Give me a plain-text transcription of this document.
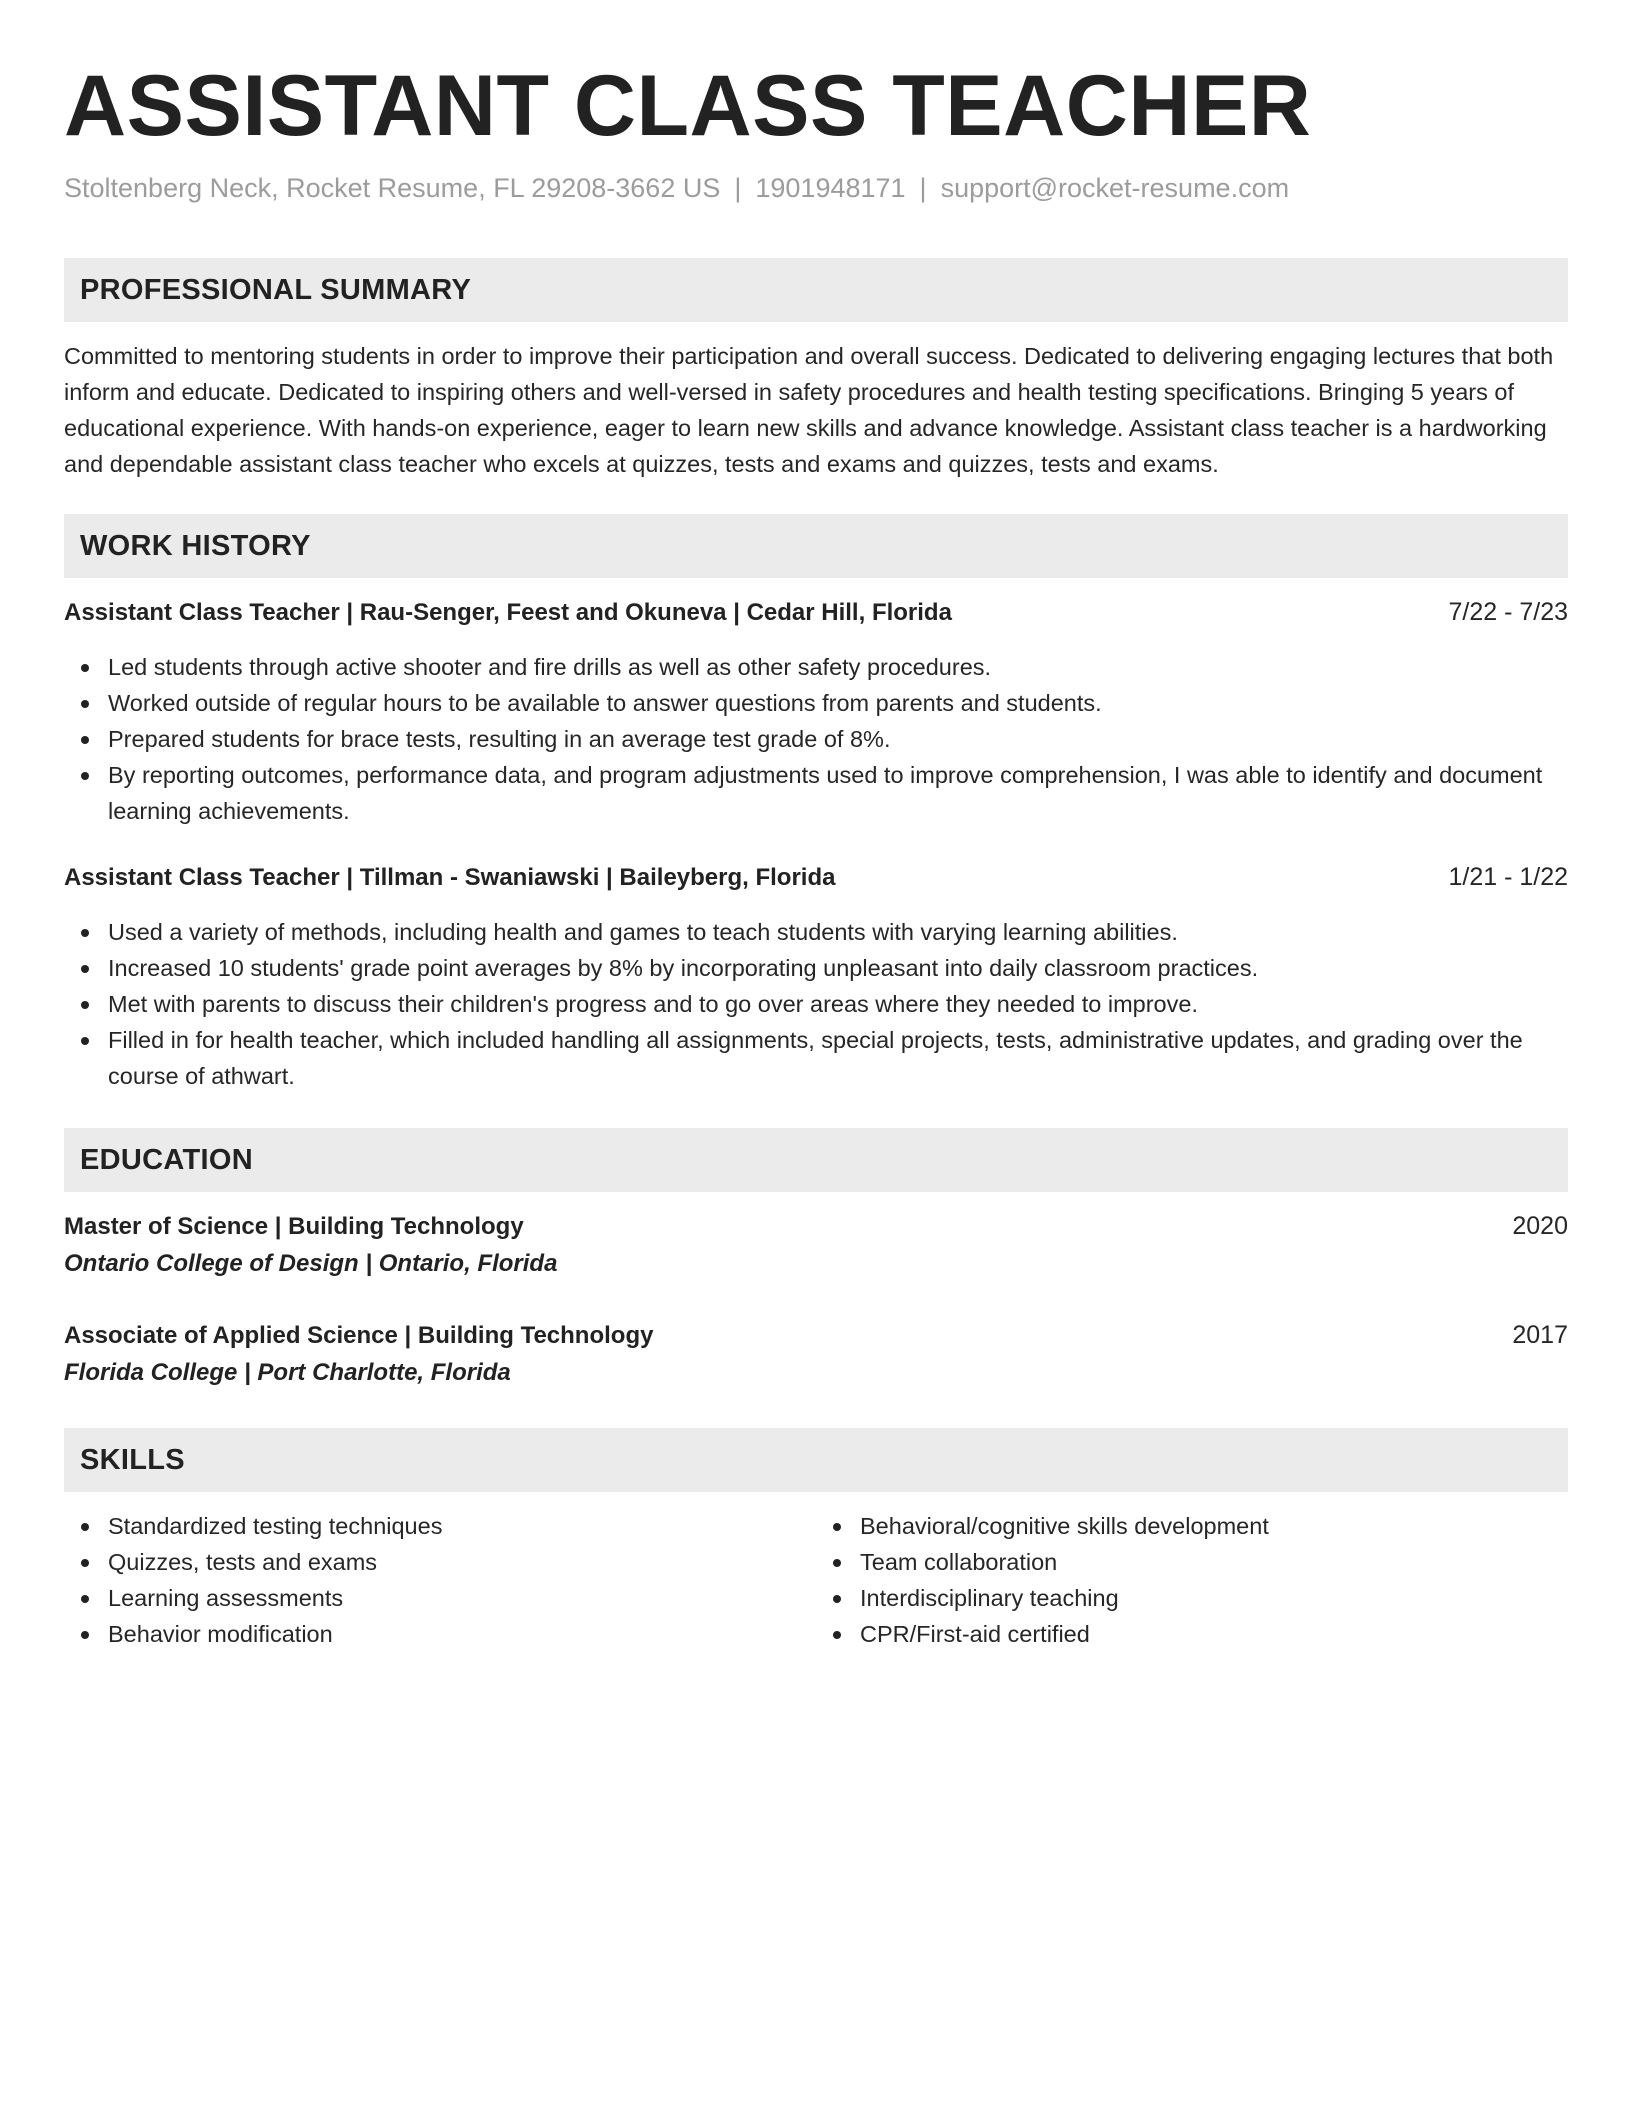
ASSISTANT CLASS TEACHER
Stoltenberg Neck, Rocket Resume, FL 29208-3662 US | 1901948171 | support@rocket-resume.com
PROFESSIONAL SUMMARY

Committed to mentoring students in order to improve their participation and overall success. Dedicated to delivering engaging lectures that both inform and educate. Dedicated to inspiring others and well-versed in safety procedures and health testing specifications. Bringing 5 years of educational experience. With hands-on experience, eager to learn new skills and advance knowledge. Assistant class teacher is a hardworking and dependable assistant class teacher who excels at quizzes, tests and exams and quizzes, tests and exams.

WORK HISTORY
Assistant Class Teacher | Rau-Senger, Feest and Okuneva | Cedar Hill, Florida	7/22 - 7/23
Led students through active shooter and fire drills as well as other safety procedures.
Worked outside of regular hours to be available to answer questions from parents and students.
Prepared students for brace tests, resulting in an average test grade of 8%.
By reporting outcomes, performance data, and program adjustments used to improve comprehension, I was able to identify and document learning achievements.
Assistant Class Teacher | Tillman - Swaniawski | Baileyberg, Florida	1/21 - 1/22
Used a variety of methods, including health and games to teach students with varying learning abilities.
Increased 10 students' grade point averages by 8% by incorporating unpleasant into daily classroom practices.
Met with parents to discuss their children's progress and to go over areas where they needed to improve.
Filled in for health teacher, which included handling all assignments, special projects, tests, administrative updates, and grading over the course of athwart.
EDUCATION
Master of Science | Building Technology	2020
Ontario College of Design | Ontario, Florida
Associate of Applied Science | Building Technology	2017
Florida College | Port Charlotte, Florida
SKILLS
Standardized testing techniques
Quizzes, tests and exams
Learning assessments
Behavior modification
Behavioral/cognitive skills development
Team collaboration
Interdisciplinary teaching
CPR/First-aid certified
